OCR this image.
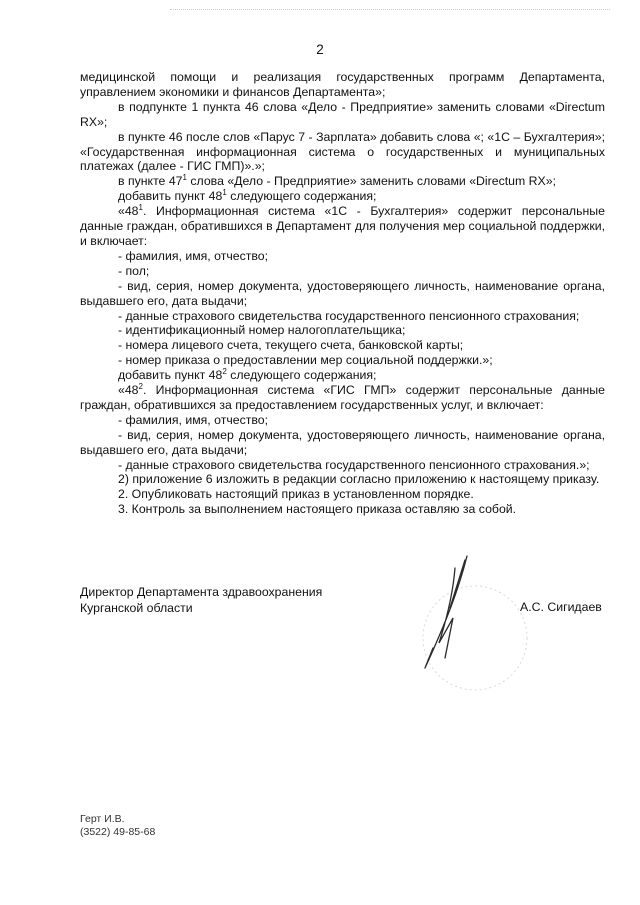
2

медицинской помощи и реализация государственных программ Департамента, управлением экономики и финансов Департамента»;

в подпункте 1 пункта 46 слова «Дело - Предприятие» заменить словами «Directum RX»;

в пункте 46 после слов «Парус 7 - Зарплата» добавить слова «; «1С – Бухгалтерия»; «Государственная информационная система о государственных и муниципальных платежах (далее - ГИС ГМП)».»;

в пункте $47^1$ слова «Дело - Предприятие» заменить словами «Directum RX»;

добавить пункт $48^1$ следующего содержания;

«$48^1$. Информационная система «1С - Бухгалтерия» содержит персональные данные граждан, обратившихся в Департамент для получения мер социальной поддержки, и включает:

- фамилия, имя, отчество;

- пол;

- вид, серия, номер документа, удостоверяющего личность, наименование органа, выдавшего его, дата выдачи;

- данные страхового свидетельства государственного пенсионного страхования;

- идентификационный номер налогоплательщика;

- номера лицевого счета, текущего счета, банковской карты;

- номер приказа о предоставлении мер социальной поддержки.»;

добавить пункт $48^2$ следующего содержания;

«$48^2$. Информационная система «ГИС ГМП» содержит персональные данные граждан, обратившихся за предоставлением государственных услуг, и включает:

- фамилия, имя, отчество;

- вид, серия, номер документа, удостоверяющего личность, наименование органа, выдавшего его, дата выдачи;

- данные страхового свидетельства государственного пенсионного страхования.»;

2) приложение 6 изложить в редакции согласно приложению к настоящему приказу.

2. Опубликовать настоящий приказ в установленном порядке.

3. Контроль за выполнением настоящего приказа оставляю за собой.

Директор Департамента здравоохранения
Курганской области	А.С. Сигидаев
Герт И.В.
(3522) 49-85-68
